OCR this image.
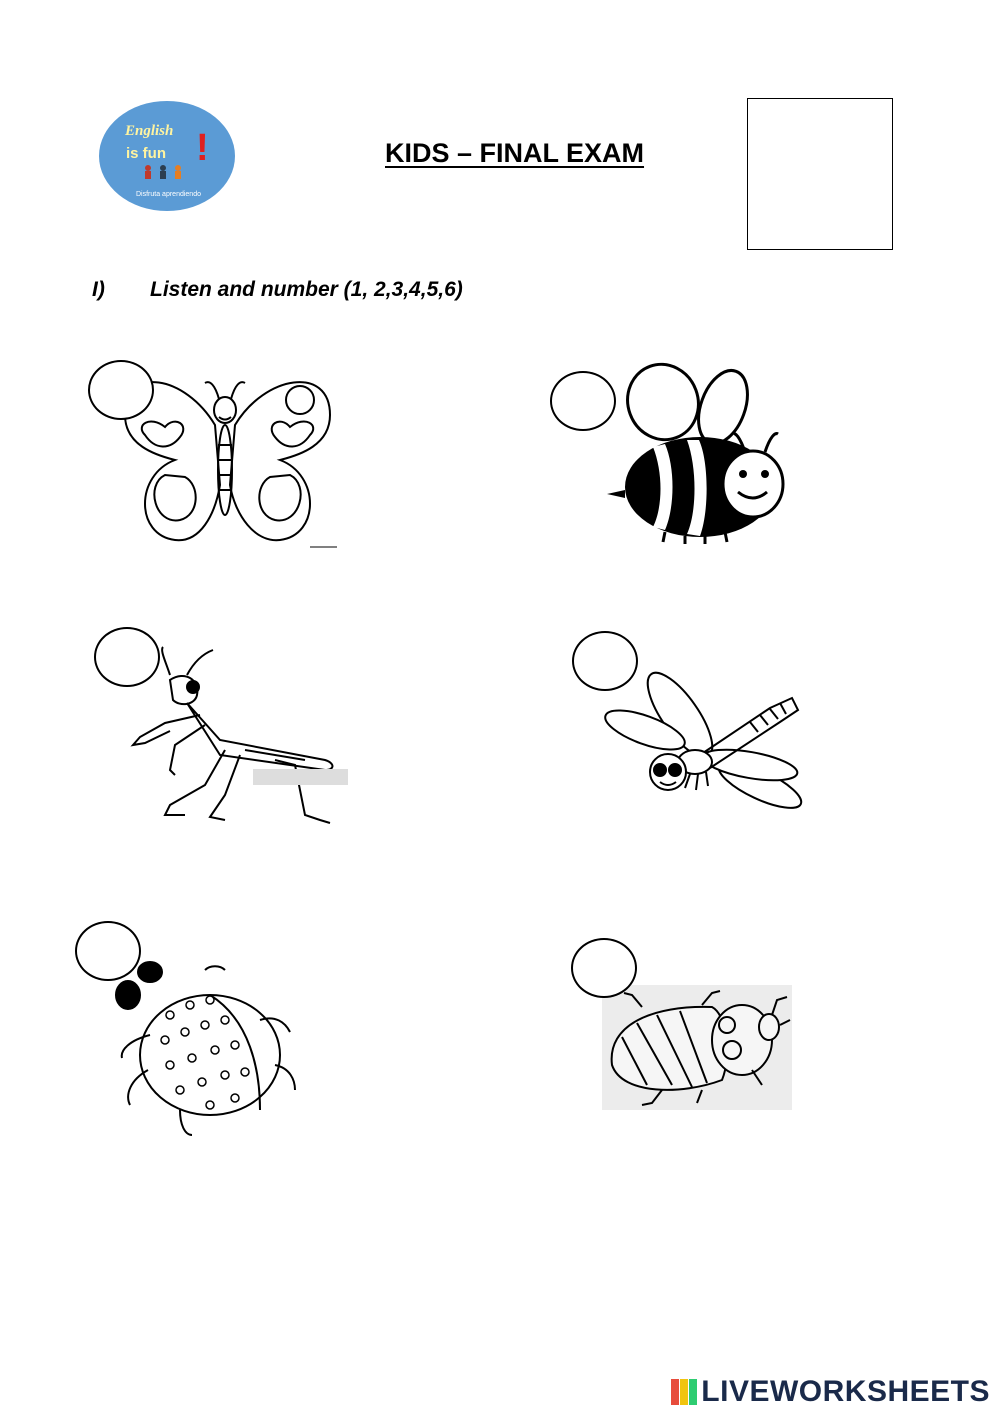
English
is fun !
Disfruta aprendiendo
KIDS – FINAL EXAM
I) Listen and number (1, 2,3,4,5,6)
LIVEWORKSHEETS
